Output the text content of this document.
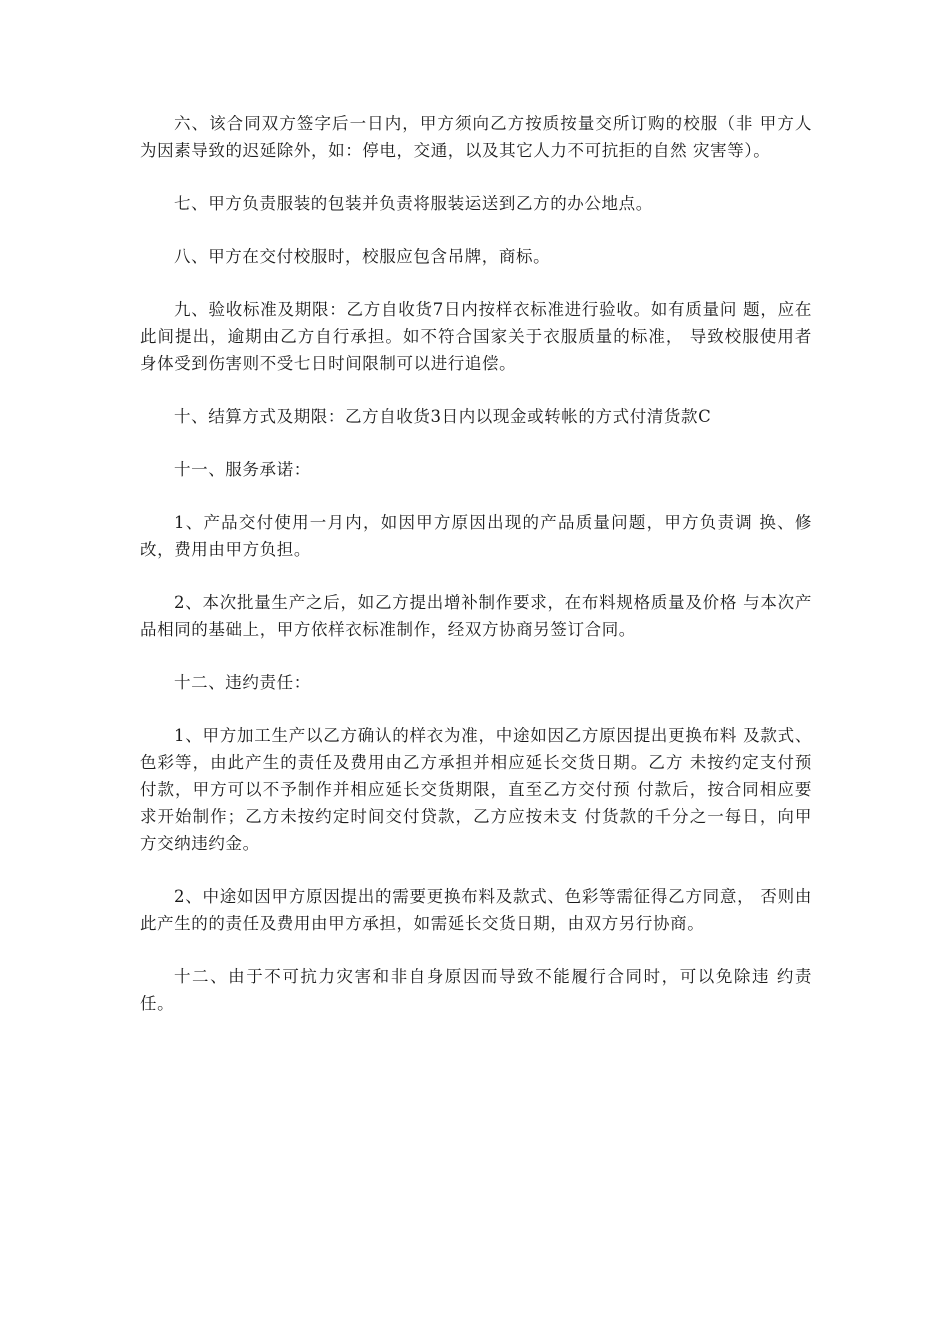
六、该合同双方签字后一日内，甲方须向乙方按质按量交所订购的校服（非 甲方人为因素导致的迟延除外，如：停电，交通，以及其它人力不可抗拒的自然 灾害等）。

七、甲方负责服装的包装并负责将服装运送到乙方的办公地点。

八、甲方在交付校服时，校服应包含吊牌，商标。

九、验收标准及期限：乙方自收货7日内按样衣标准进行验收。如有质量问 题，应在此间提出，逾期由乙方自行承担。如不符合国家关于衣服质量的标准， 导致校服使用者身体受到伤害则不受七日时间限制可以进行追偿。

十、结算方式及期限：乙方自收货3日内以现金或转帐的方式付清货款C

十一、服务承诺：

1、产品交付使用一月内，如因甲方原因出现的产品质量问题，甲方负责调 换、修改，费用由甲方负担。

2、本次批量生产之后，如乙方提出增补制作要求，在布料规格质量及价格 与本次产品相同的基础上，甲方依样衣标准制作，经双方协商另签订合同。

十二、违约责任：

1、甲方加工生产以乙方确认的样衣为准，中途如因乙方原因提出更换布料 及款式、色彩等，由此产生的责任及费用由乙方承担并相应延长交货日期。乙方 未按约定支付预付款，甲方可以不予制作并相应延长交货期限，直至乙方交付预 付款后，按合同相应要求开始制作；乙方未按约定时间交付贷款，乙方应按未支 付货款的千分之一每日，向甲方交纳违约金。

2、中途如因甲方原因提出的需要更换布料及款式、色彩等需征得乙方同意， 否则由此产生的的责任及费用由甲方承担，如需延长交货日期，由双方另行协商。

十二、由于不可抗力灾害和非自身原因而导致不能履行合同时，可以免除违 约责任。
